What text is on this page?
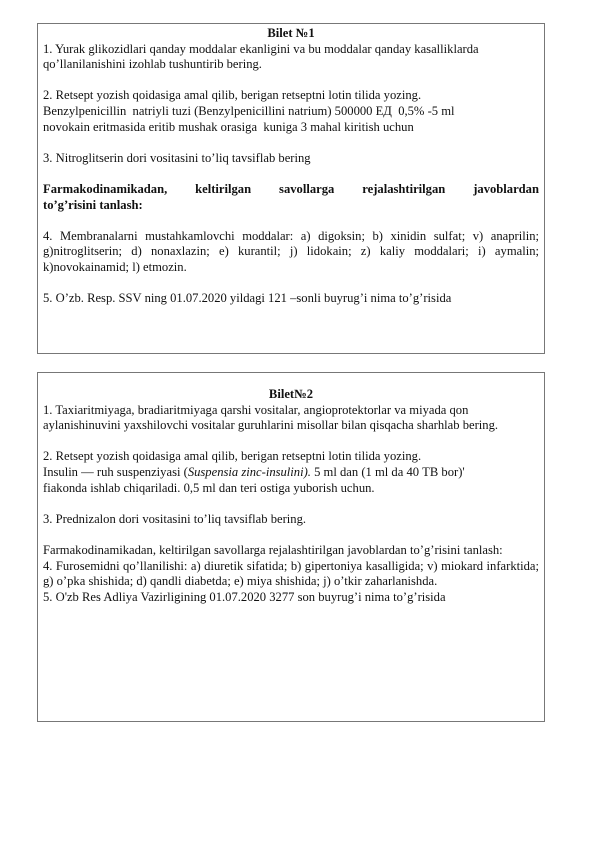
Bilet №1

1. Yurak glikozidlari qanday moddalar ekanligini va bu moddalar qanday kasalliklarda

qo’llanilanishini izohlab tushuntirib bering.

2. Retsept yozish qoidasiga amal qilib, berigan retseptni lotin tilida yozing.

Benzylpenicillin  natriyli tuzi (Benzylpenicillini natrium) 500000 ЕД  0,5% -5 ml

novokain eritmasida eritib mushak orasiga  kuniga 3 mahal kiritish uchun

3. Nitroglitserin dori vositasini to’liq tavsiflab bering

Farmakodinamikadan, keltirilgan savollarga rejalashtirilgan javoblardan

to’g’risini tanlash:

4. Membranalarni mustahkamlovchi moddalar: a) digoksin; b) xinidin sulfat; v) anaprilin; g)nitroglitserin; d) nonaxlazin; e) kurantil; j) lidokain; z) kaliy moddalari; i) aymalin; k)novokainamid; l) etmozin.

5. O’zb. Resp. SSV ning 01.07.2020 yildagi 121 –sonli buyrug’i nima to’g’risida

Bilet№2

1. Taxiaritmiyaga, bradiaritmiyaga qarshi vositalar, angioprotektorlar va miyada qon aylanishinuvini yaxshilovchi vositalar guruhlarini misollar bilan qisqacha sharhlab bering.

2. Retsept yozish qoidasiga amal qilib, berigan retseptni lotin tilida yozing.

Insulin — ruh suspenziyasi (Suspensia zinc-insulini). 5 ml dan (1 ml da 40 ТВ bor)'

fiakonda ishlab chiqariladi. 0,5 ml dan teri ostiga yuborish uchun.

3. Prednizalon dori vositasini to’liq tavsiflab bering.

Farmakodinamikadan, keltirilgan savollarga rejalashtirilgan javoblardan to’g’risini tanlash:

4. Furosemidni qo’llanilishi: a) diuretik sifatida; b) gipertoniya kasalligida; v) miokard infarktida; g) o’pka shishida; d) qandli diabetda; e) miya shishida; j) o’tkir zaharlanishda.

5. O'zb Res Adliya Vazirligining 01.07.2020 3277 son buyrug’i nima to’g’risida
